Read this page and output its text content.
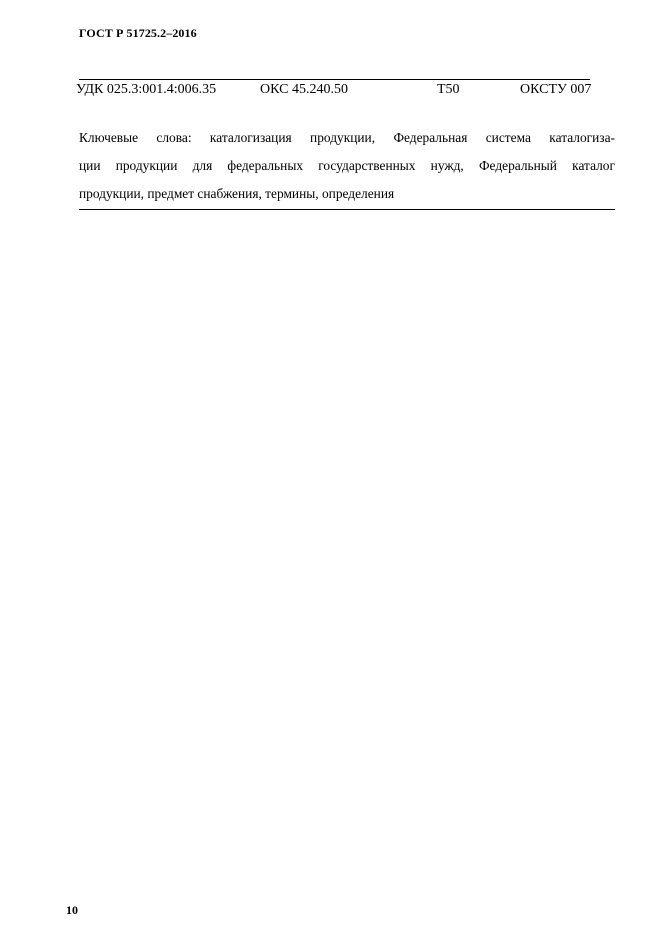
ГОСТ Р 51725.2–2016
УДК 025.3:001.4:006.35	ОКС 45.240.50	Т50	ОКСТУ 007
Ключевые слова: каталогизация продукции, Федеральная система каталогиза-
ции продукции для федеральных государственных нужд, Федеральный каталог
продукции, предмет снабжения, термины, определения
10
